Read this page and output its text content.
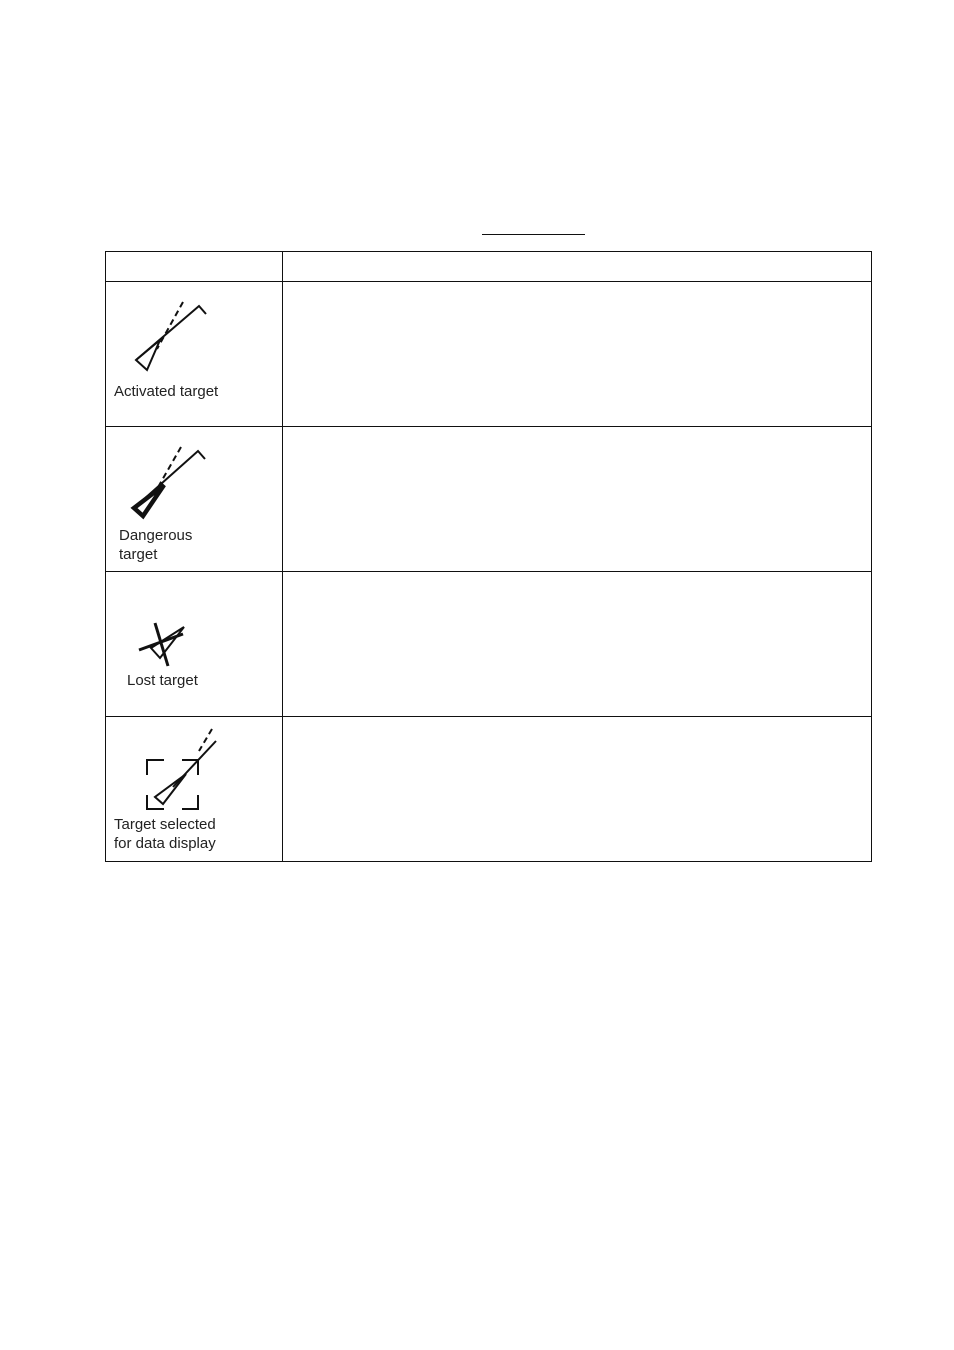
Activated target	

Dangerous
target	

Lost target	

Target selected
for data display	
